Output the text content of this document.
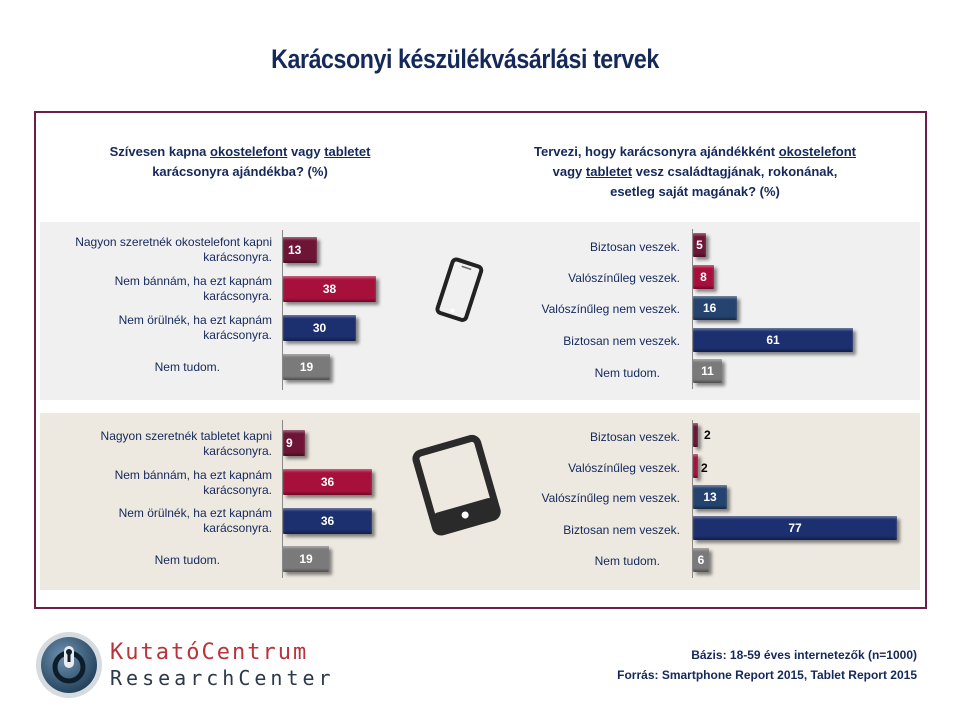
Karácsonyi készülékvásárlási tervek
Szívesen kapna okostelefont vagy tabletet
karácsonyra ajándékba? (%)
Tervezi, hogy karácsonyra ajándékként okostelefont
vagy tabletet vesz családtagjának, rokonának,
esetleg saját magának? (%)
Nagyon szeretnék okostelefont kapni
karácsonyra.
Nem bánnám, ha ezt kapnám
karácsonyra.
Nem örülnék, ha ezt kapnám
karácsonyra.
Nem tudom.
13
38
30
19
Biztosan veszek.
Valószínűleg veszek.
Valószínűleg nem veszek.
Biztosan nem veszek.
Nem tudom.
5
8
16
61
11
Nagyon szeretnék tabletet kapni
karácsonyra.
Nem bánnám, ha ezt kapnám
karácsonyra.
Nem örülnék, ha ezt kapnám
karácsonyra.
Nem tudom.
9
36
36
19
Biztosan veszek.
Valószínűleg veszek.
Valószínűleg nem veszek.
Biztosan nem veszek.
Nem tudom.
2
2
13
77
6
KutatóCentrum
ResearchCenter
Bázis: 18-59 éves internetezők (n=1000)
Forrás: Smartphone Report 2015, Tablet Report 2015
